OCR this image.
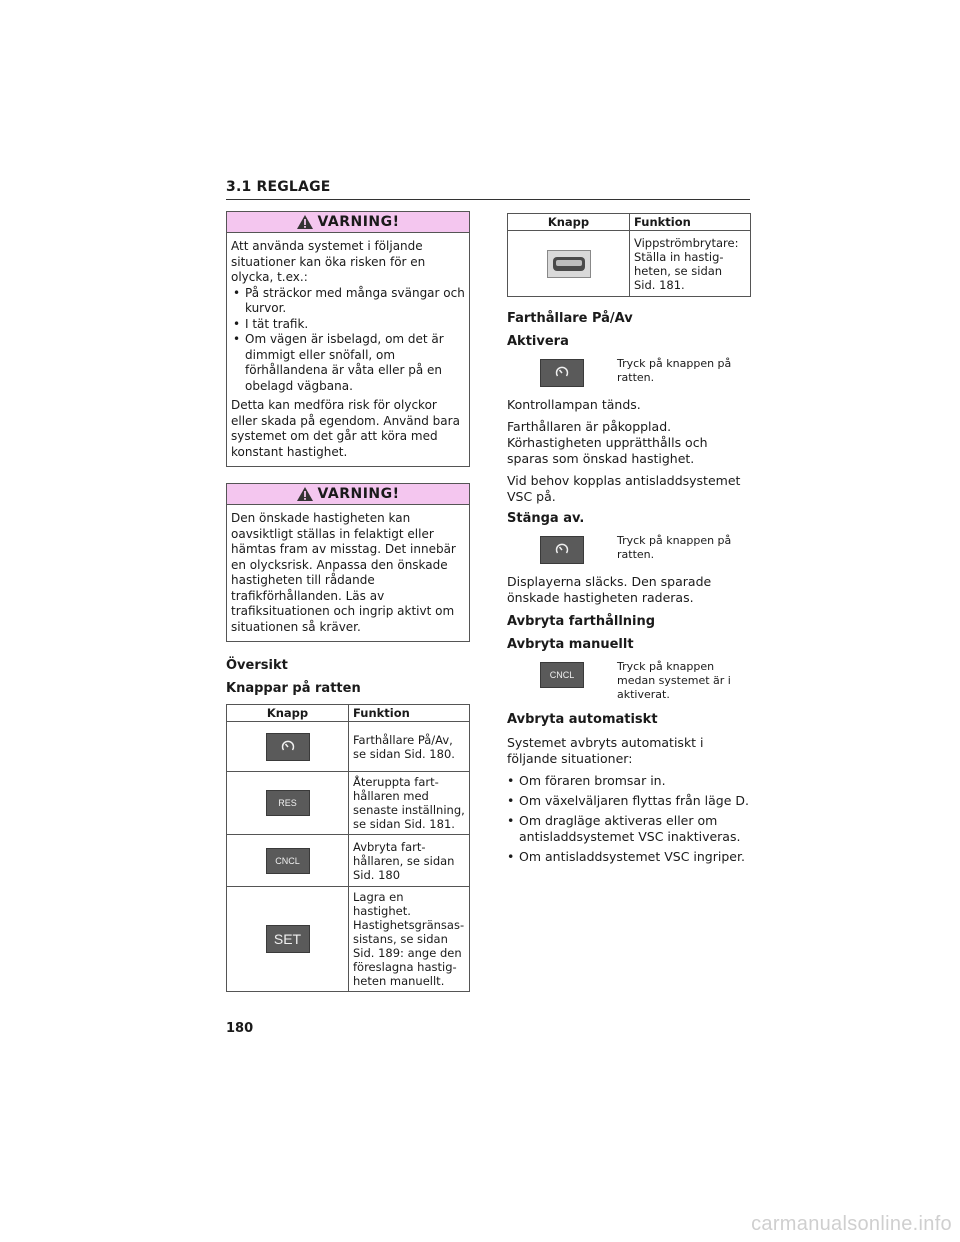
3.1 REGLAGE
VARNING!

Att använda systemet i följande situationer kan öka risken för en olycka, t.ex.:

• På sträckor med många svängar och kurvor.
• I tät trafik.
• Om vägen är isbelagd, om det är dimmigt eller snöfall, om förhållandena är våta eller på en obelagd vägbana.

Detta kan medföra risk för olyckor eller skada på egendom. Använd bara systemet om det går att köra med konstant hastighet.

VARNING!

Den önskade hastigheten kan oavsiktligt ställas in felaktigt eller hämtas fram av misstag. Det innebär en olycksrisk. Anpassa den önskade hastigheten till rådande trafikförhållanden. Läs av trafiksituationen och ingrip aktivt om situationen så kräver.

Översikt
Knappar på ratten
Knapp	Funktion

	Farthållare På/Av, se sidan Sid. 180.
RES	Återuppta farthållaren med senaste inställning, se sidan Sid. 181.
CNCL	Avbryta farthållaren, se sidan Sid. 180
SET	Lagra en hastighet. Hastighetsgränsassistans, se sidan Sid. 189: ange den föreslagna hastigheten manuellt.
Knapp	Funktion

	Vippströmbrytare: Ställa in hastigheten, se sidan Sid. 181.
Farthållare På/Av
Aktivera
Tryck på knappen på ratten.

Kontrollampan tänds.

Farthållaren är påkopplad. Körhastigheten upprätthålls och sparas som önskad hastighet.

Vid behov kopplas antisladdsystemet VSC på.

Stänga av.
Tryck på knappen på ratten.

Displayerna släcks. Den sparade önskade hastigheten raderas.

Avbryta farthållning
Avbryta manuellt
CNCL
Tryck på knappen medan systemet är i aktiverat.
Avbryta automatiskt

Systemet avbryts automatiskt i följande situationer:

• Om föraren bromsar in.
• Om växelväljaren flyttas från läge D.
• Om dragläge aktiveras eller om antisladdsystemet VSC inaktiveras.
• Om antisladdsystemet VSC ingriper.
180
carmanualsonline.info
